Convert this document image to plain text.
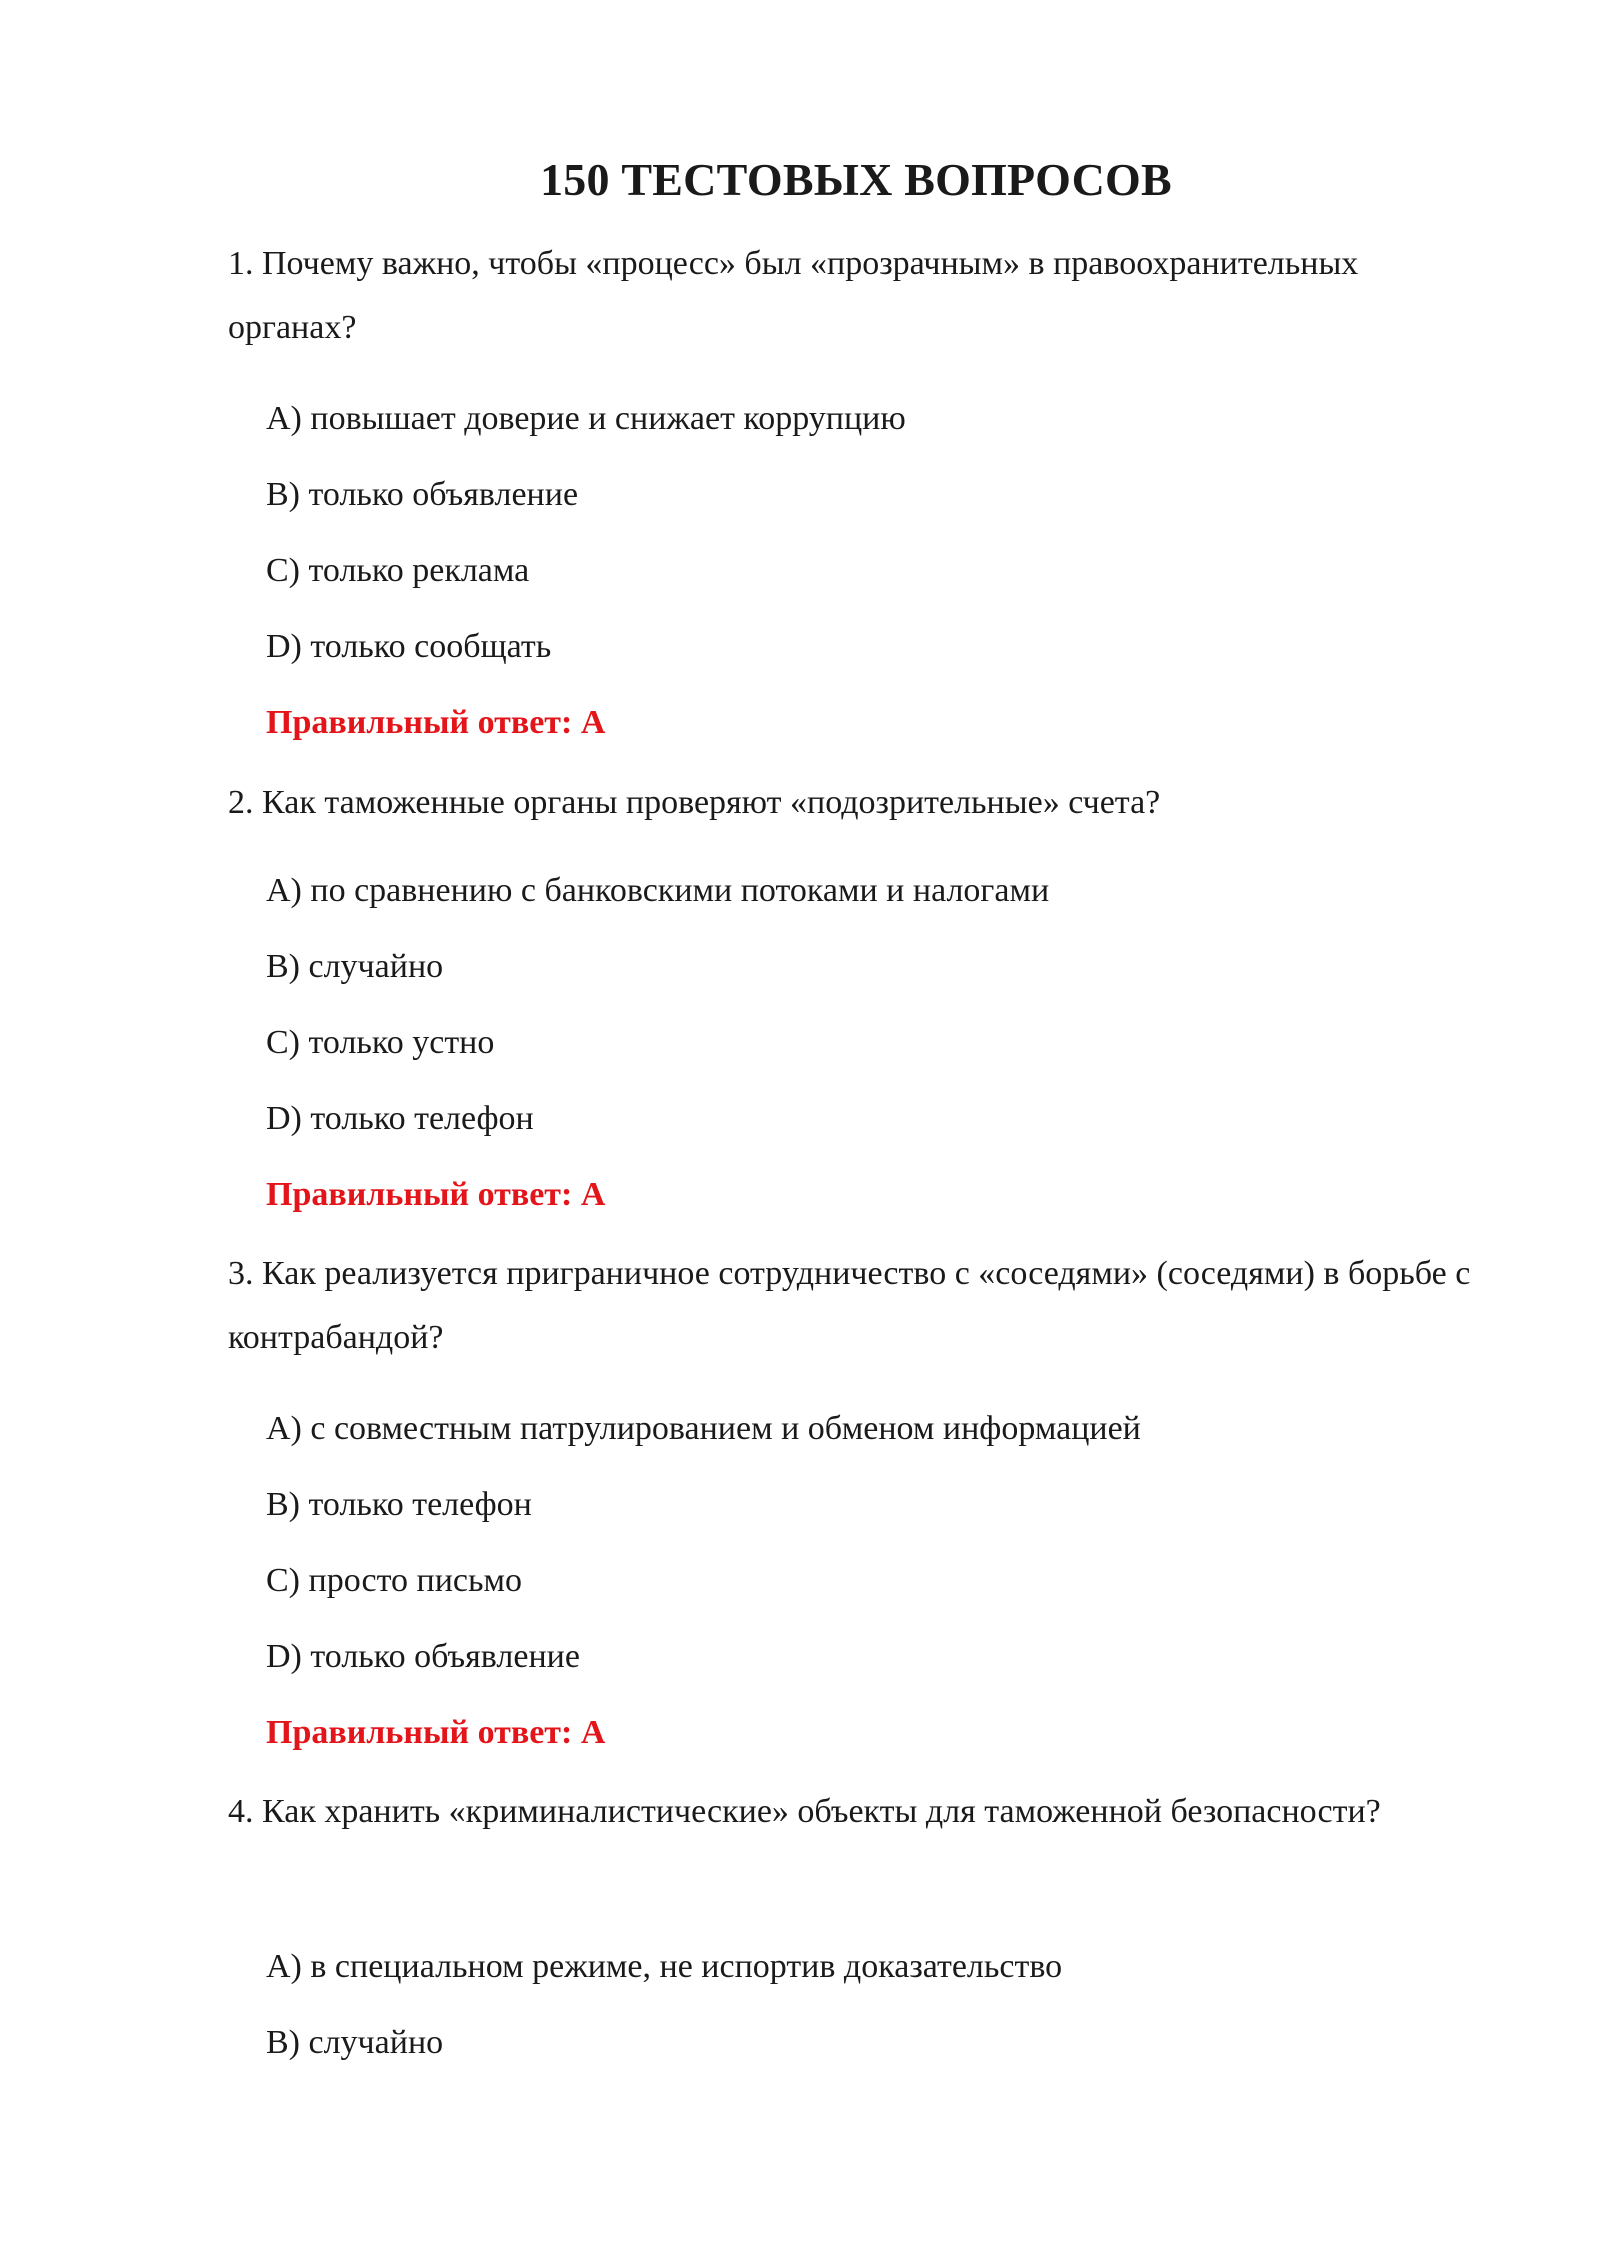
150 ТЕСТОВЫХ ВОПРОСОВ
1. Почему важно, чтобы «процесс» был «прозрачным» в правоохранительных органах?
A) повышает доверие и снижает коррупцию
B) только объявление
C) только реклама
D) только сообщать
Правильный ответ: A
2. Как таможенные органы проверяют «подозрительные» счета?
A) по сравнению с банковскими потоками и налогами
B) случайно
C) только устно
D) только телефон
Правильный ответ: A
3. Как реализуется приграничное сотрудничество с «соседями» (соседями) в борьбе с контрабандой?
A) с совместным патрулированием и обменом информацией
B) только телефон
C) просто письмо
D) только объявление
Правильный ответ: A
4. Как хранить «криминалистические» объекты для таможенной безопасности?
A) в специальном режиме, не испортив доказательство
B) случайно
